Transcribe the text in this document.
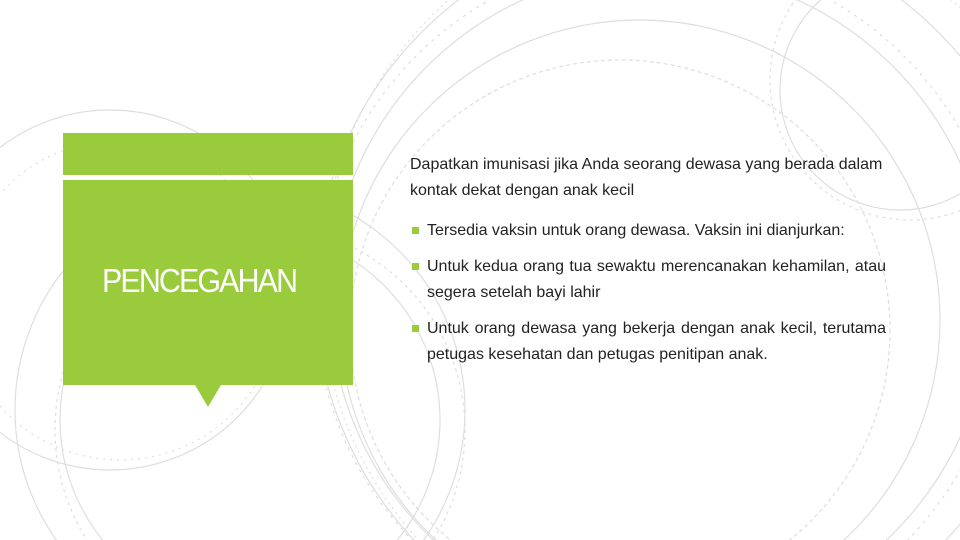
PENCEGAHAN

Dapatkan imunisasi jika Anda seorang dewasa yang berada dalam kontak dekat dengan anak kecil

Tersedia vaksin untuk orang dewasa. Vaksin ini dianjurkan:
Untuk kedua orang tua sewaktu merencanakan kehamilan, atau segera setelah bayi lahir
Untuk orang dewasa yang bekerja dengan anak kecil, terutama petugas kesehatan dan petugas penitipan anak.
